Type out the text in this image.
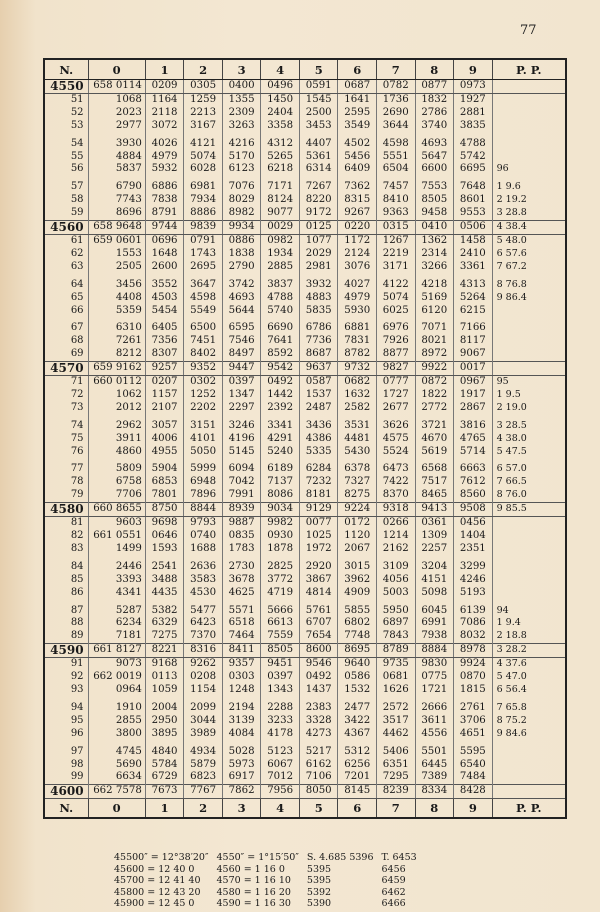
77
N.	0	1	2	3	4	5	6	7	8	9	P. P.
4550	658 0114	0209	0305	0400	0496	0591	0687	0782	0877	0973	
51	1068	1164	1259	1355	1450	1545	1641	1736	1832	1927	
52	2023	2118	2213	2309	2404	2500	2595	2690	2786	2881	
53	2977	3072	3167	3263	3358	3453	3549	3644	3740	3835	

54	3930	4026	4121	4216	4312	4407	4502	4598	4693	4788	
55	4884	4979	5074	5170	5265	5361	5456	5551	5647	5742	
56	5837	5932	6028	6123	6218	6314	6409	6504	6600	6695	96

57	6790	6886	6981	7076	7171	7267	7362	7457	7553	7648	1 9.6
58	7743	7838	7934	8029	8124	8220	8315	8410	8505	8601	2 19.2
59	8696	8791	8886	8982	9077	9172	9267	9363	9458	9553	3 28.8
4560	658 9648	9744	9839	9934	0029	0125	0220	0315	0410	0506	4 38.4
61	659 0601	0696	0791	0886	0982	1077	1172	1267	1362	1458	5 48.0
62	1553	1648	1743	1838	1934	2029	2124	2219	2314	2410	6 57.6
63	2505	2600	2695	2790	2885	2981	3076	3171	3266	3361	7 67.2

64	3456	3552	3647	3742	3837	3932	4027	4122	4218	4313	8 76.8
65	4408	4503	4598	4693	4788	4883	4979	5074	5169	5264	9 86.4
66	5359	5454	5549	5644	5740	5835	5930	6025	6120	6215	

67	6310	6405	6500	6595	6690	6786	6881	6976	7071	7166	
68	7261	7356	7451	7546	7641	7736	7831	7926	8021	8117	
69	8212	8307	8402	8497	8592	8687	8782	8877	8972	9067	
4570	659 9162	9257	9352	9447	9542	9637	9732	9827	9922	0017	
71	660 0112	0207	0302	0397	0492	0587	0682	0777	0872	0967	95
72	1062	1157	1252	1347	1442	1537	1632	1727	1822	1917	1 9.5
73	2012	2107	2202	2297	2392	2487	2582	2677	2772	2867	2 19.0

74	2962	3057	3151	3246	3341	3436	3531	3626	3721	3816	3 28.5
75	3911	4006	4101	4196	4291	4386	4481	4575	4670	4765	4 38.0
76	4860	4955	5050	5145	5240	5335	5430	5524	5619	5714	5 47.5

77	5809	5904	5999	6094	6189	6284	6378	6473	6568	6663	6 57.0
78	6758	6853	6948	7042	7137	7232	7327	7422	7517	7612	7 66.5
79	7706	7801	7896	7991	8086	8181	8275	8370	8465	8560	8 76.0
4580	660 8655	8750	8844	8939	9034	9129	9224	9318	9413	9508	9 85.5
81	9603	9698	9793	9887	9982	0077	0172	0266	0361	0456	
82	661 0551	0646	0740	0835	0930	1025	1120	1214	1309	1404	
83	1499	1593	1688	1783	1878	1972	2067	2162	2257	2351	

84	2446	2541	2636	2730	2825	2920	3015	3109	3204	3299	
85	3393	3488	3583	3678	3772	3867	3962	4056	4151	4246	
86	4341	4435	4530	4625	4719	4814	4909	5003	5098	5193	

87	5287	5382	5477	5571	5666	5761	5855	5950	6045	6139	94
88	6234	6329	6423	6518	6613	6707	6802	6897	6991	7086	1 9.4
89	7181	7275	7370	7464	7559	7654	7748	7843	7938	8032	2 18.8
4590	661 8127	8221	8316	8411	8505	8600	8695	8789	8884	8978	3 28.2
91	9073	9168	9262	9357	9451	9546	9640	9735	9830	9924	4 37.6
92	662 0019	0113	0208	0303	0397	0492	0586	0681	0775	0870	5 47.0
93	0964	1059	1154	1248	1343	1437	1532	1626	1721	1815	6 56.4

94	1910	2004	2099	2194	2288	2383	2477	2572	2666	2761	7 65.8
95	2855	2950	3044	3139	3233	3328	3422	3517	3611	3706	8 75.2
96	3800	3895	3989	4084	4178	4273	4367	4462	4556	4651	9 84.6

97	4745	4840	4934	5028	5123	5217	5312	5406	5501	5595	
98	5690	5784	5879	5973	6067	6162	6256	6351	6445	6540	
99	6634	6729	6823	6917	7012	7106	7201	7295	7389	7484	
4600	662 7578	7673	7767	7862	7956	8050	8145	8239	8334	8428	
N.	0	1	2	3	4	5	6	7	8	9	P. P.
45500″ = 12°38′20″	4550″ = 1°15′50″	S. 4.685 5396	T. 6453
45600 = 12 40 0	4560 = 1 16 0	5395	6456
45700 = 12 41 40	4570 = 1 16 10	5395	6459
45800 = 12 43 20	4580 = 1 16 20	5392	6462
45900 = 12 45 0	4590 = 1 16 30	5390	6466
